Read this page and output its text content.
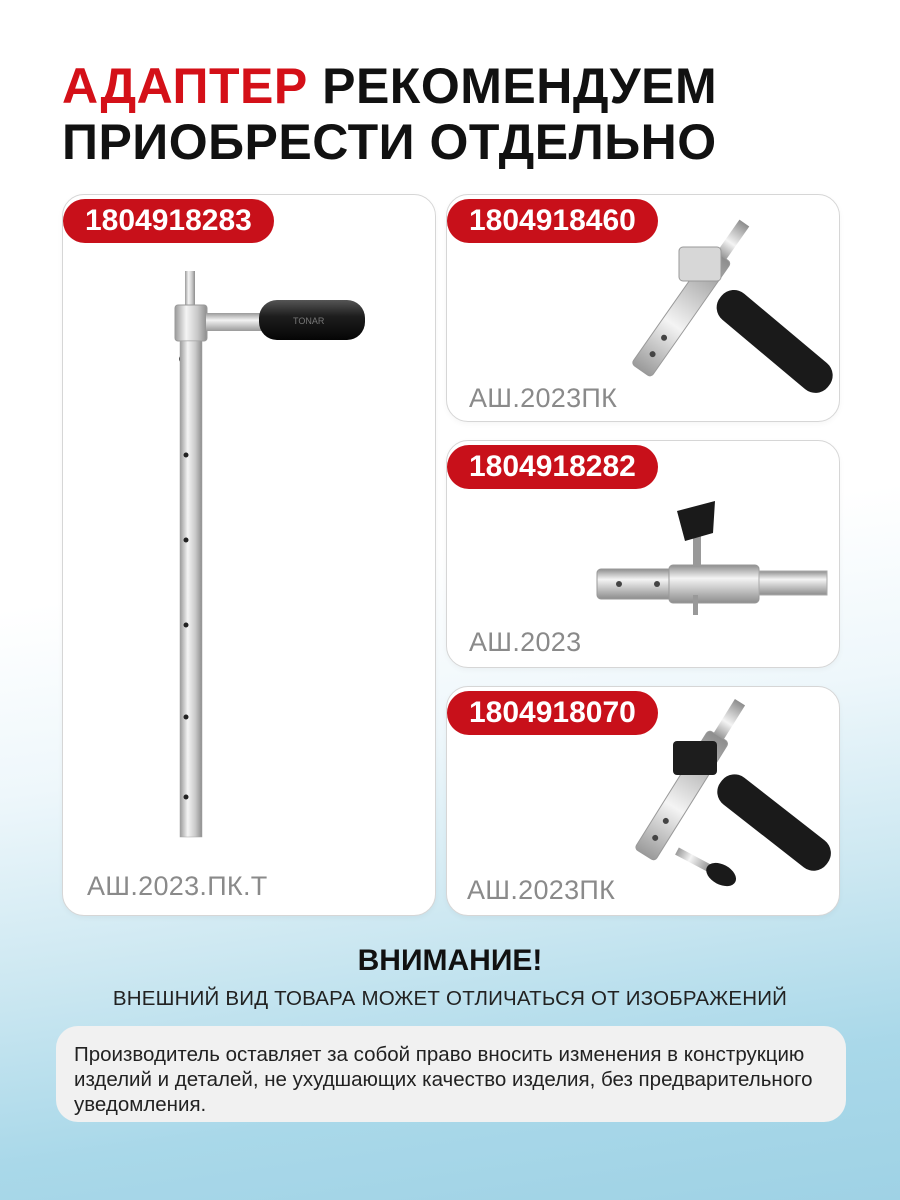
АДАПТЕР РЕКОМЕНДУЕМ ПРИОБРЕСТИ ОТДЕЛЬНО
TONAR
1804918283
АШ.2023.ПК.Т
1804918460
АШ.2023ПК
1804918282
АШ.2023
1804918070
АШ.2023ПК

ВНИМАНИЕ!

ВНЕШНИЙ ВИД ТОВАРА МОЖЕТ ОТЛИЧАТЬСЯ ОТ ИЗОБРАЖЕНИЙ

Производитель оставляет за собой право вносить изменения в конструкцию изделий и деталей, не ухудшающих качество изделия, без предварительного уведомления.
